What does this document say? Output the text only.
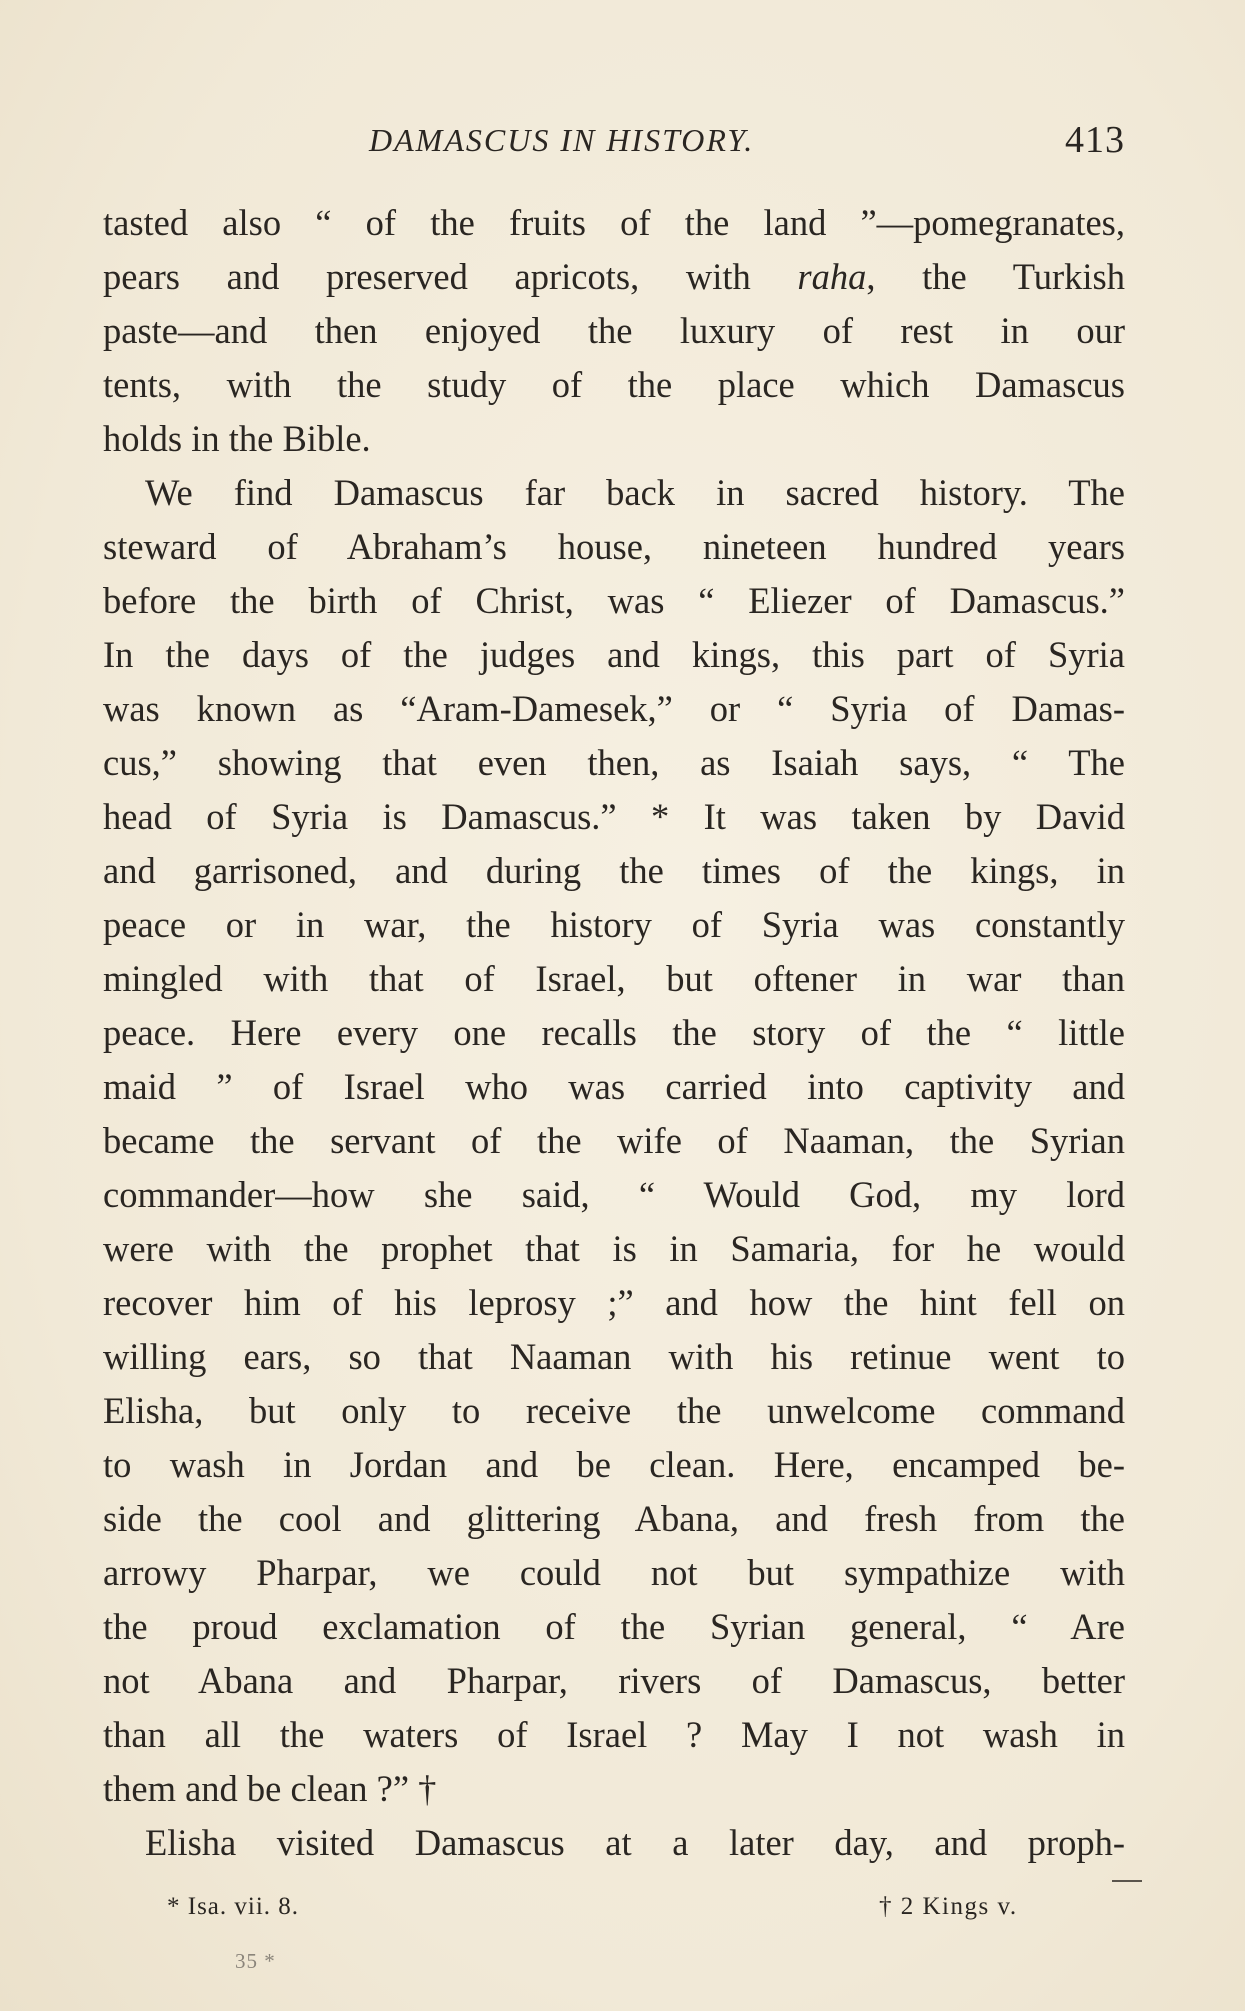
DAMASCUS IN HISTORY.	413
tasted also “ of the fruits of the land ”—pomegranates,
pears and preserved apricots, with raha, the Turkish
paste—and then enjoyed the luxury of rest in our
tents, with the study of the place which Damascus
holds in the Bible.
We find Damascus far back in sacred history. The
steward of Abraham’s house, nineteen hundred years
before the birth of Christ, was “ Eliezer of Damascus.”
In the days of the judges and kings, this part of Syria
was known as “Aram-Damesek,” or “ Syria of Damas-
cus,” showing that even then, as Isaiah says, “ The
head of Syria is Damascus.” * It was taken by David
and garrisoned, and during the times of the kings, in
peace or in war, the history of Syria was constantly
mingled with that of Israel, but oftener in war than
peace. Here every one recalls the story of the “ little
maid ” of Israel who was carried into captivity and
became the servant of the wife of Naaman, the Syrian
commander—how she said, “ Would God, my lord
were with the prophet that is in Samaria, for he would
recover him of his leprosy ;” and how the hint fell on
willing ears, so that Naaman with his retinue went to
Elisha, but only to receive the unwelcome command
to wash in Jordan and be clean. Here, encamped be-
side the cool and glittering Abana, and fresh from the
arrowy Pharpar, we could not but sympathize with
the proud exclamation of the Syrian general, “ Are
not Abana and Pharpar, rivers of Damascus, better
than all the waters of Israel ? May I not wash in
them and be clean ?” †
Elisha visited Damascus at a later day, and proph-
* Isa. vii. 8.	† 2 Kings v.
35 *
